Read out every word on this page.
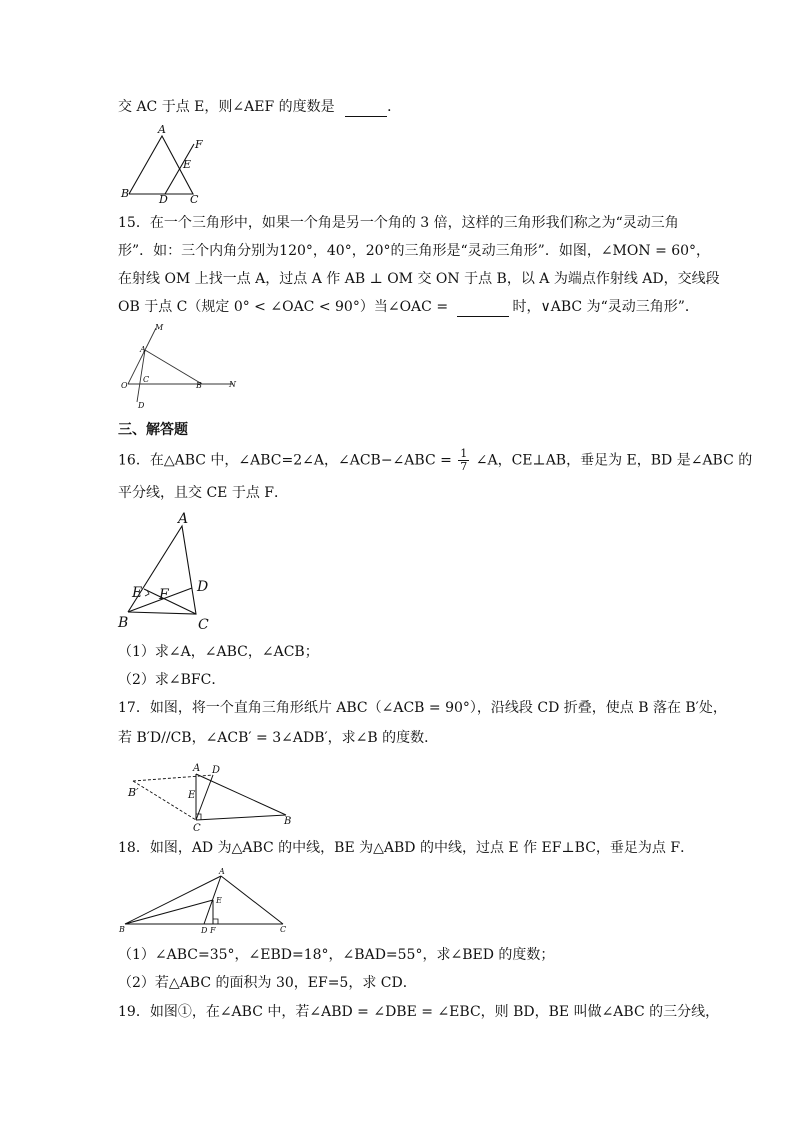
交 AC 于点 E，则∠AEF 的度数是	．
A
F
E
B	D C
15．在一个三角形中，如果一个角是另一个角的 3 倍，这样的三角形我们称之为“灵动三角
形”．如：三个内角分别为120°，40°，20°的三角形是“灵动三角形”．如图，∠MON = 60°，
在射线 OM 上找一点 A，过点 A 作 AB ⊥ OM 交 ON 于点 B，以 A 为端点作射线 AD，交线段
OB 于点 C（规定 0° < ∠OAC < 90°）当∠OAC =	时，∨ABC 为“灵动三角形”．
M
A
C
O	B	N
D
三、解答题
16．在△ABC 中，∠ABC=2∠A，∠ACB−∠ABC = $\frac{1}{7}$ ∠A，CE⊥AB，垂足为 E，BD 是∠ABC 的
平分线，且交 CE 于点 F．
A
D
E F
B	C
（1）求∠A，∠ABC，∠ACB；
（2）求∠BFC．
17．如图，将一个直角三角形纸片 ABC（∠ACB = 90°），沿线段 CD 折叠，使点 B 落在 B′处，
若 B′D//CB，∠ACB′ = 3∠ADB′，求∠B 的度数．
A D
B′	E
B
C
18．如图，AD 为△ABC 的中线，BE 为△ABD 的中线，过点 E 作 EF⊥BC，垂足为点 F．
A
E
B	D F	C
（1）∠ABC=35°，∠EBD=18°，∠BAD=55°，求∠BED 的度数；
（2）若△ABC 的面积为 30，EF=5，求 CD．
19．如图①，在∠ABC 中，若∠ABD = ∠DBE = ∠EBC，则 BD，BE 叫做∠ABC 的三分线，
